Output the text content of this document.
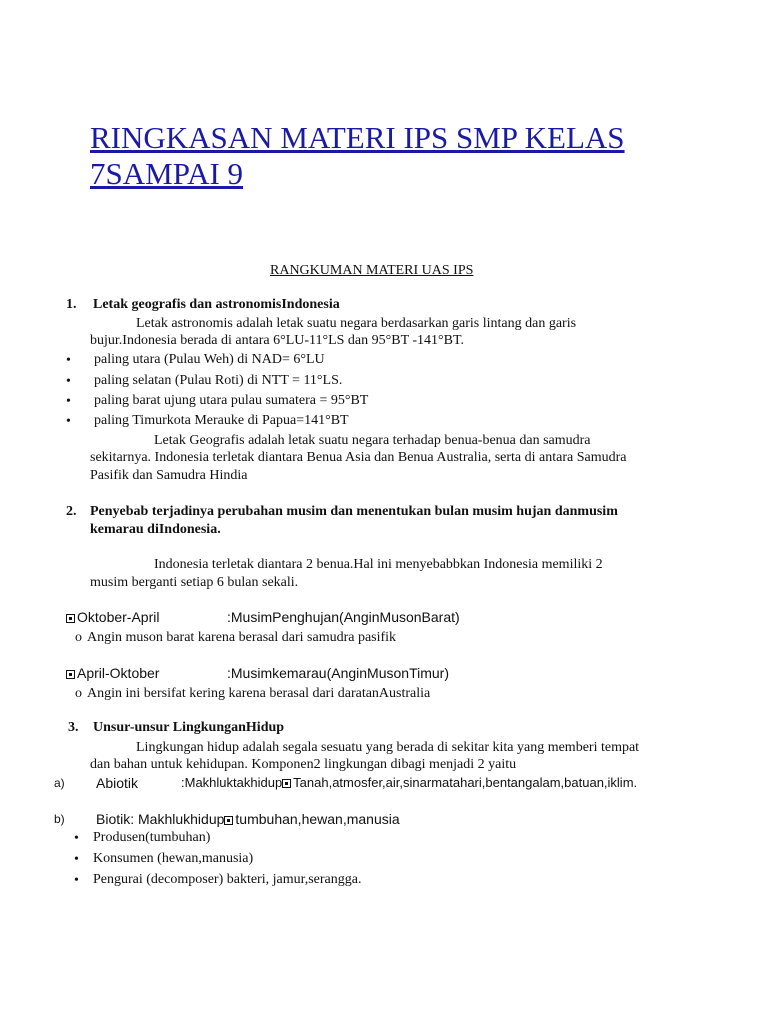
RINGKASAN MATERI IPS SMP KELAS 7SAMPAI 9
RANGKUMAN MATERI UAS IPS
1. Letak geografis dan astronomisIndonesia
Letak astronomis adalah letak suatu negara berdasarkan garis lintang dan garis
bujur.Indonesia berada di antara 6°LU-11°LS dan 95°BT -141°BT.
• paling utara (Pulau Weh) di NAD= 6°LU
• paling selatan (Pulau Roti) di NTT = 11°LS.
• paling barat ujung utara pulau sumatera = 95°BT
• paling Timurkota Merauke di Papua=141°BT
Letak Geografis adalah letak suatu negara terhadap benua-benua dan samudra
sekitarnya. Indonesia terletak diantara Benua Asia dan Benua Australia, serta di antara Samudra
Pasifik dan Samudra Hindia
2. Penyebab terjadinya perubahan musim dan menentukan bulan musim hujan danmusim
kemarau diIndonesia.
Indonesia terletak diantara 2 benua.Hal ini menyebabbkan Indonesia memiliki 2
musim berganti setiap 6 bulan sekali.
Oktober-April	:MusimPenghujan(AnginMusonBarat)
o Angin muson barat karena berasal dari samudra pasifik
April-Oktober	:Musimkemarau(AnginMusonTimur)
o Angin ini bersifat kering karena berasal dari daratanAustralia
3. Unsur-unsur LingkunganHidup
Lingkungan hidup adalah segala sesuatu yang berada di sekitar kita yang memberi tempat
dan bahan untuk kehidupan. Komponen2 lingkungan dibagi menjadi 2 yaitu
a) Abiotik	:Makhluktakhidup Tanah,atmosfer,air,sinarmatahari,bentangalam,batuan,iklim.
b) Biotik: Makhlukhidup tumbuhan,hewan,manusia
• Produsen(tumbuhan)
• Konsumen (hewan,manusia)
• Pengurai (decomposer) bakteri, jamur,serangga.
